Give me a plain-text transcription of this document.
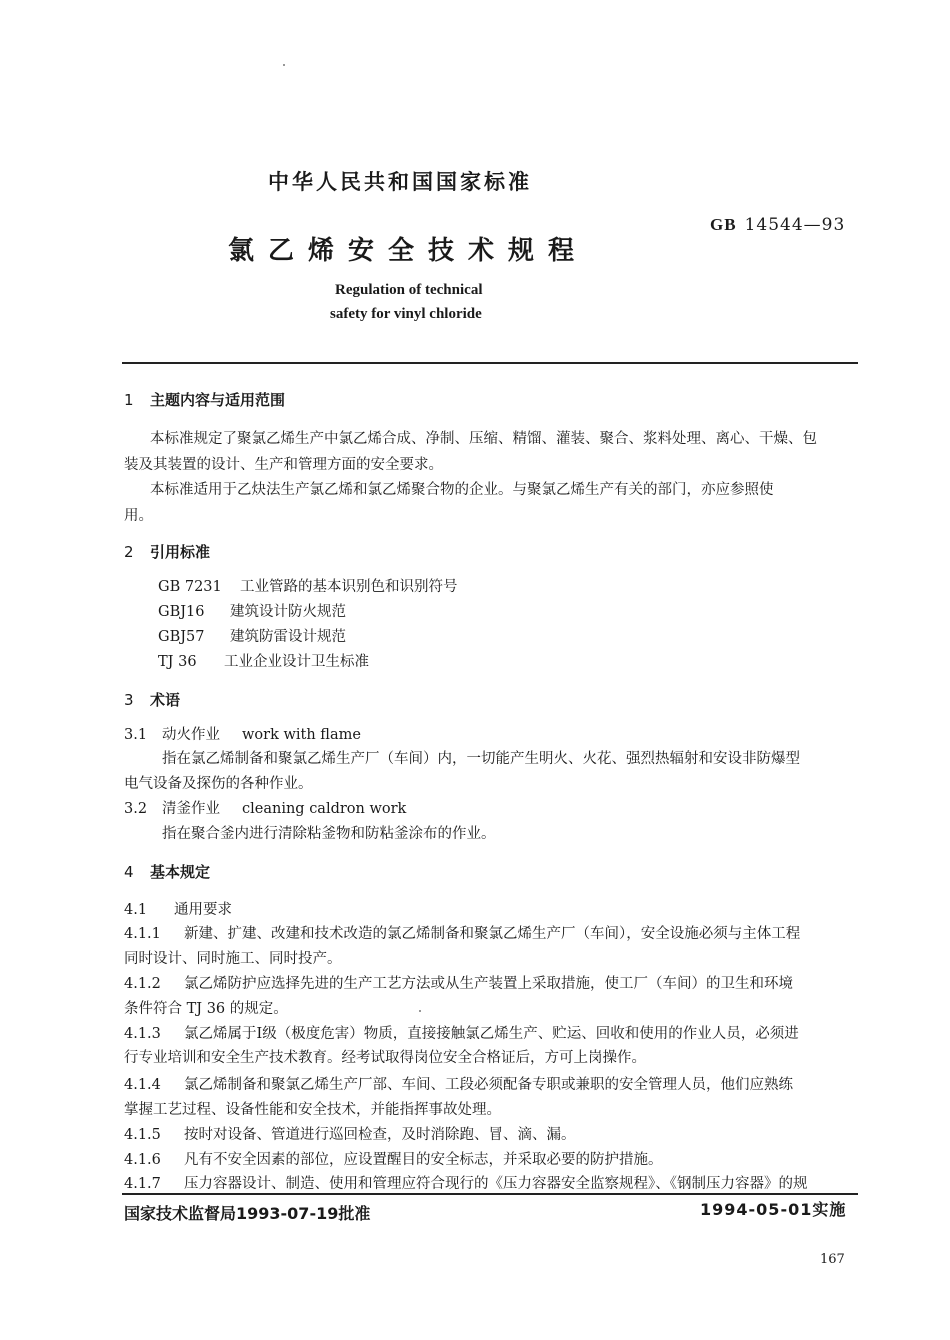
中华人民共和国国家标准
氯乙烯安全技术规程
GB 14544—93
Regulation of technical
safety for vinyl chloride
1 主题内容与适用范围
本标准规定了聚氯乙烯生产中氯乙烯合成、净制、压缩、精馏、灌装、聚合、浆料处理、离心、干燥、包
装及其装置的设计、生产和管理方面的安全要求。
本标准适用于乙炔法生产氯乙烯和氯乙烯聚合物的企业。与聚氯乙烯生产有关的部门，亦应参照使
用。
2 引用标准
GB 7231 工业管路的基本识别色和识别符号
GBJ16 建筑设计防火规范
GBJ57 建筑防雷设计规范
TJ 36 工业企业设计卫生标准
3 术语
3.1 动火作业 work with flame
指在氯乙烯制备和聚氯乙烯生产厂（车间）内，一切能产生明火、火花、强烈热辐射和安设非防爆型
电气设备及探伤的各种作业。
3.2 清釜作业 cleaning caldron work
指在聚合釜内进行清除粘釜物和防粘釜涂布的作业。
4 基本规定
4.1 通用要求
4.1.1 新建、扩建、改建和技术改造的氯乙烯制备和聚氯乙烯生产厂（车间），安全设施必须与主体工程
同时设计、同时施工、同时投产。
4.1.2 氯乙烯防护应选择先进的生产工艺方法或从生产装置上采取措施，使工厂（车间）的卫生和环境
条件符合 TJ 36 的规定。
4.1.3 氯乙烯属于Ⅰ级（极度危害）物质，直接接触氯乙烯生产、贮运、回收和使用的作业人员，必须进
行专业培训和安全生产技术教育。经考试取得岗位安全合格证后，方可上岗操作。
4.1.4 氯乙烯制备和聚氯乙烯生产厂部、车间、工段必须配备专职或兼职的安全管理人员，他们应熟练
掌握工艺过程、设备性能和安全技术，并能指挥事故处理。
4.1.5 按时对设备、管道进行巡回检查，及时消除跑、冒、滴、漏。
4.1.6 凡有不安全因素的部位，应设置醒目的安全标志，并采取必要的防护措施。
4.1.7 压力容器设计、制造、使用和管理应符合现行的《压力容器安全监察规程》、《钢制压力容器》的规
国家技术监督局1993-07-19批准	1994-05-01实施
167
